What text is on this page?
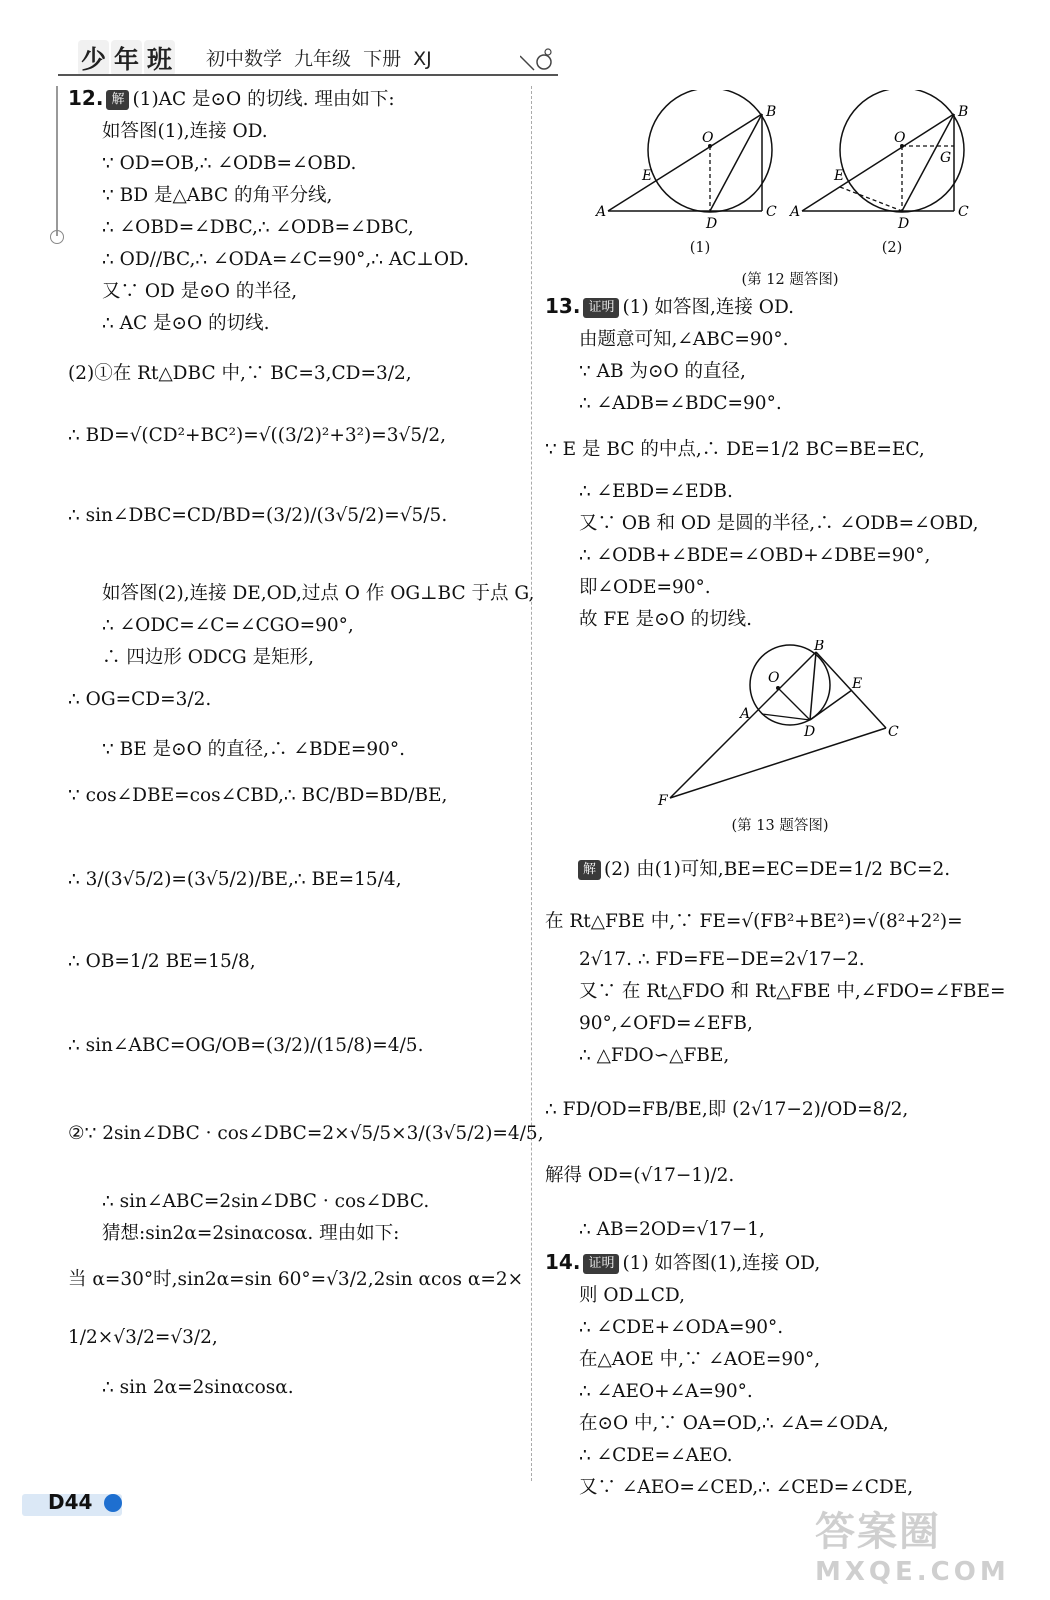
少 年 班 初中数学 九年级 下册 XJ
12. 解 (1)AC 是⊙O 的切线. 理由如下:
如答图(1),连接 OD.
∵ OD=OB,∴ ∠ODB=∠OBD.
∵ BD 是△ABC 的角平分线,
∴ ∠OBD=∠DBC,∴ ∠ODB=∠DBC,
∴ OD//BC,∴ ∠ODA=∠C=90°,∴ AC⊥OD.
又∵ OD 是⊙O 的半径,
∴ AC 是⊙O 的切线.
(2)①在 Rt△DBC 中,∵ BC=3,CD=3/2,
∴ BD=√(CD²+BC²)=√((3/2)²+3²)=3√5/2,
∴ sin∠DBC=CD/BD=(3/2)/(3√5/2)=√5/5.
如答图(2),连接 DE,OD,过点 O 作 OG⊥BC 于点 G,
∴ ∠ODC=∠C=∠CGO=90°,
∴ 四边形 ODCG 是矩形,
∴ OG=CD=3/2.
∵ BE 是⊙O 的直径,∴ ∠BDE=90°.
∵ cos∠DBE=cos∠CBD,∴ BC/BD=BD/BE,
∴ 3/(3√5/2)=(3√5/2)/BE,∴ BE=15/4,
∴ OB=1/2 BE=15/8,
∴ sin∠ABC=OG/OB=(3/2)/(15/8)=4/5.
②∵ 2sin∠DBC · cos∠DBC=2×√5/5×3/(3√5/2)=4/5,
∴ sin∠ABC=2sin∠DBC · cos∠DBC.
猜想:sin2α=2sinαcosα. 理由如下:
当 α=30°时,sin2α=sin 60°=√3/2,2sin αcos α=2×
1/2×√3/2=√3/2,
∴ sin 2α=2sinαcosα.
O
B
E
A
D
C
O
B
G
E
A
D
C
(1)	(2)
(第 12 题答图)
13. 证明 (1) 如答图,连接 OD.
由题意可知,∠ABC=90°.
∵ AB 为⊙O 的直径,
∴ ∠ADB=∠BDC=90°.
∵ E 是 BC 的中点,∴ DE=1/2 BC=BE=EC,
∴ ∠EBD=∠EDB.
又∵ OB 和 OD 是圆的半径,∴ ∠ODB=∠OBD,
∴ ∠ODB+∠BDE=∠OBD+∠DBE=90°,
即∠ODE=90°.
故 FE 是⊙O 的切线.
B
O	E
A
D	C
F
(第 13 题答图)
解 (2) 由(1)可知,BE=EC=DE=1/2 BC=2.
在 Rt△FBE 中,∵ FE=√(FB²+BE²)=√(8²+2²)=
2√17. ∴ FD=FE−DE=2√17−2.
又∵ 在 Rt△FDO 和 Rt△FBE 中,∠FDO=∠FBE=
90°,∠OFD=∠EFB,
∴ △FDO∽△FBE,
∴ FD/OD=FB/BE,即 (2√17−2)/OD=8/2,
解得 OD=(√17−1)/2.
∴ AB=2OD=√17−1,
14. 证明 (1) 如答图(1),连接 OD,
则 OD⊥CD,
∴ ∠CDE+∠ODA=90°.
在△AOE 中,∵ ∠AOE=90°,
∴ ∠AEO+∠A=90°.
在⊙O 中,∵ OA=OD,∴ ∠A=∠ODA,
∴ ∠CDE=∠AEO.
又∵ ∠AEO=∠CED,∴ ∠CED=∠CDE,
D44
答案圈
MXQE.COM
